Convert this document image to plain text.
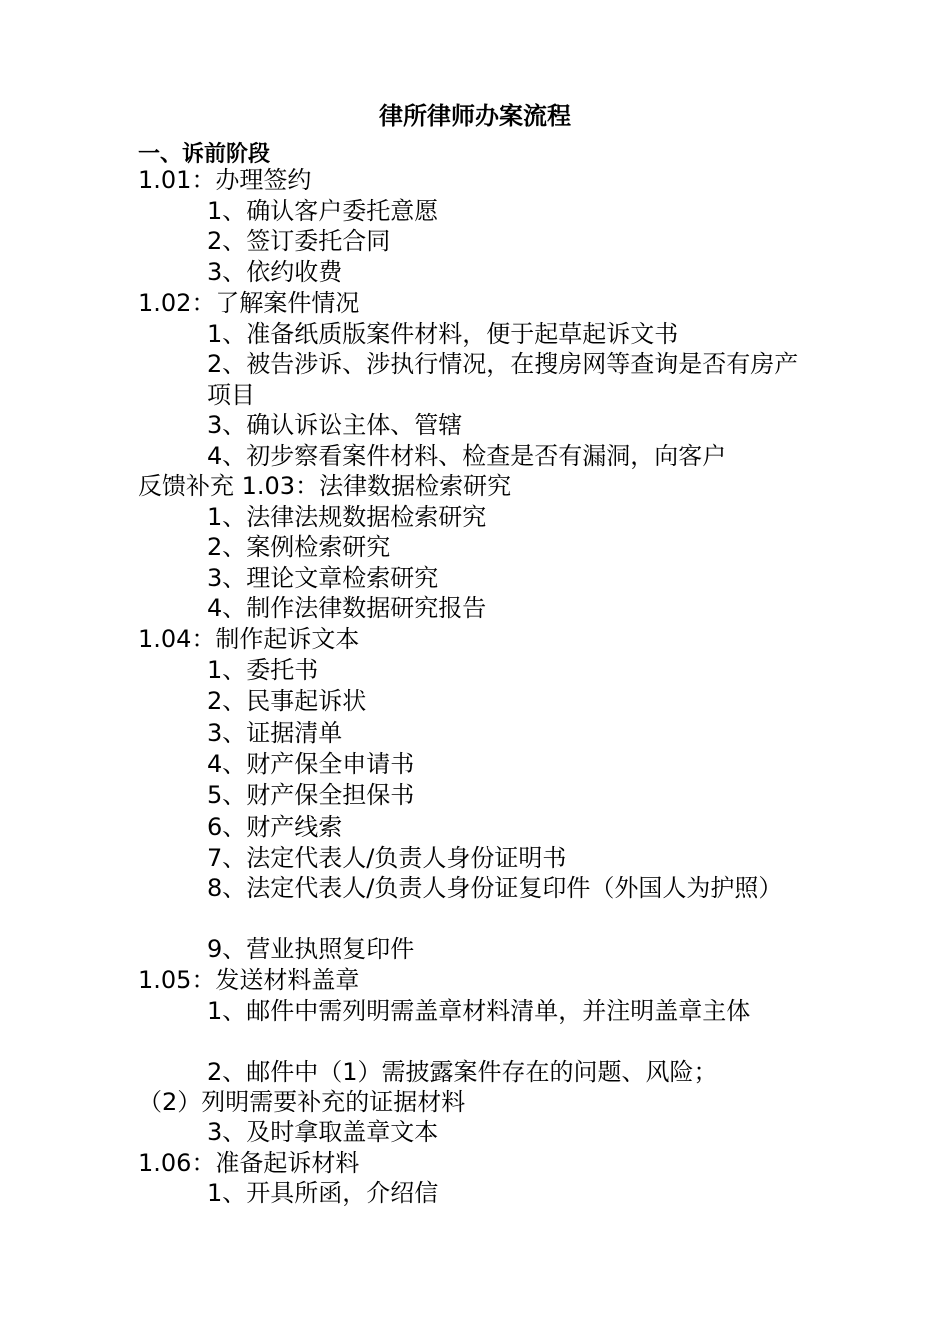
律所律师办案流程
一、诉前阶段
1.01：办理签约
1、确认客户委托意愿
2、签订委托合同
3、依约收费
1.02：了解案件情况
1、准备纸质版案件材料，便于起草起诉文书
2、被告涉诉、涉执行情况，在搜房网等查询是否有房产项目
3、确认诉讼主体、管辖
4、初步察看案件材料、检查是否有漏洞，向客户
反馈补充 1.03：法律数据检索研究
1、法律法规数据检索研究
2、案例检索研究
3、理论文章检索研究
4、制作法律数据研究报告
1.04：制作起诉文本
1、委托书
2、民事起诉状
3、证据清单
4、财产保全申请书
5、财产保全担保书
6、财产线索
7、法定代表人/负责人身份证明书
8、法定代表人/负责人身份证复印件（外国人为护照）
9、营业执照复印件
1.05：发送材料盖章
1、邮件中需列明需盖章材料清单，并注明盖章主体
2、邮件中（1）需披露案件存在的问题、风险；
（2）列明需要补充的证据材料
3、及时拿取盖章文本
1.06：准备起诉材料
1、开具所函，介绍信
